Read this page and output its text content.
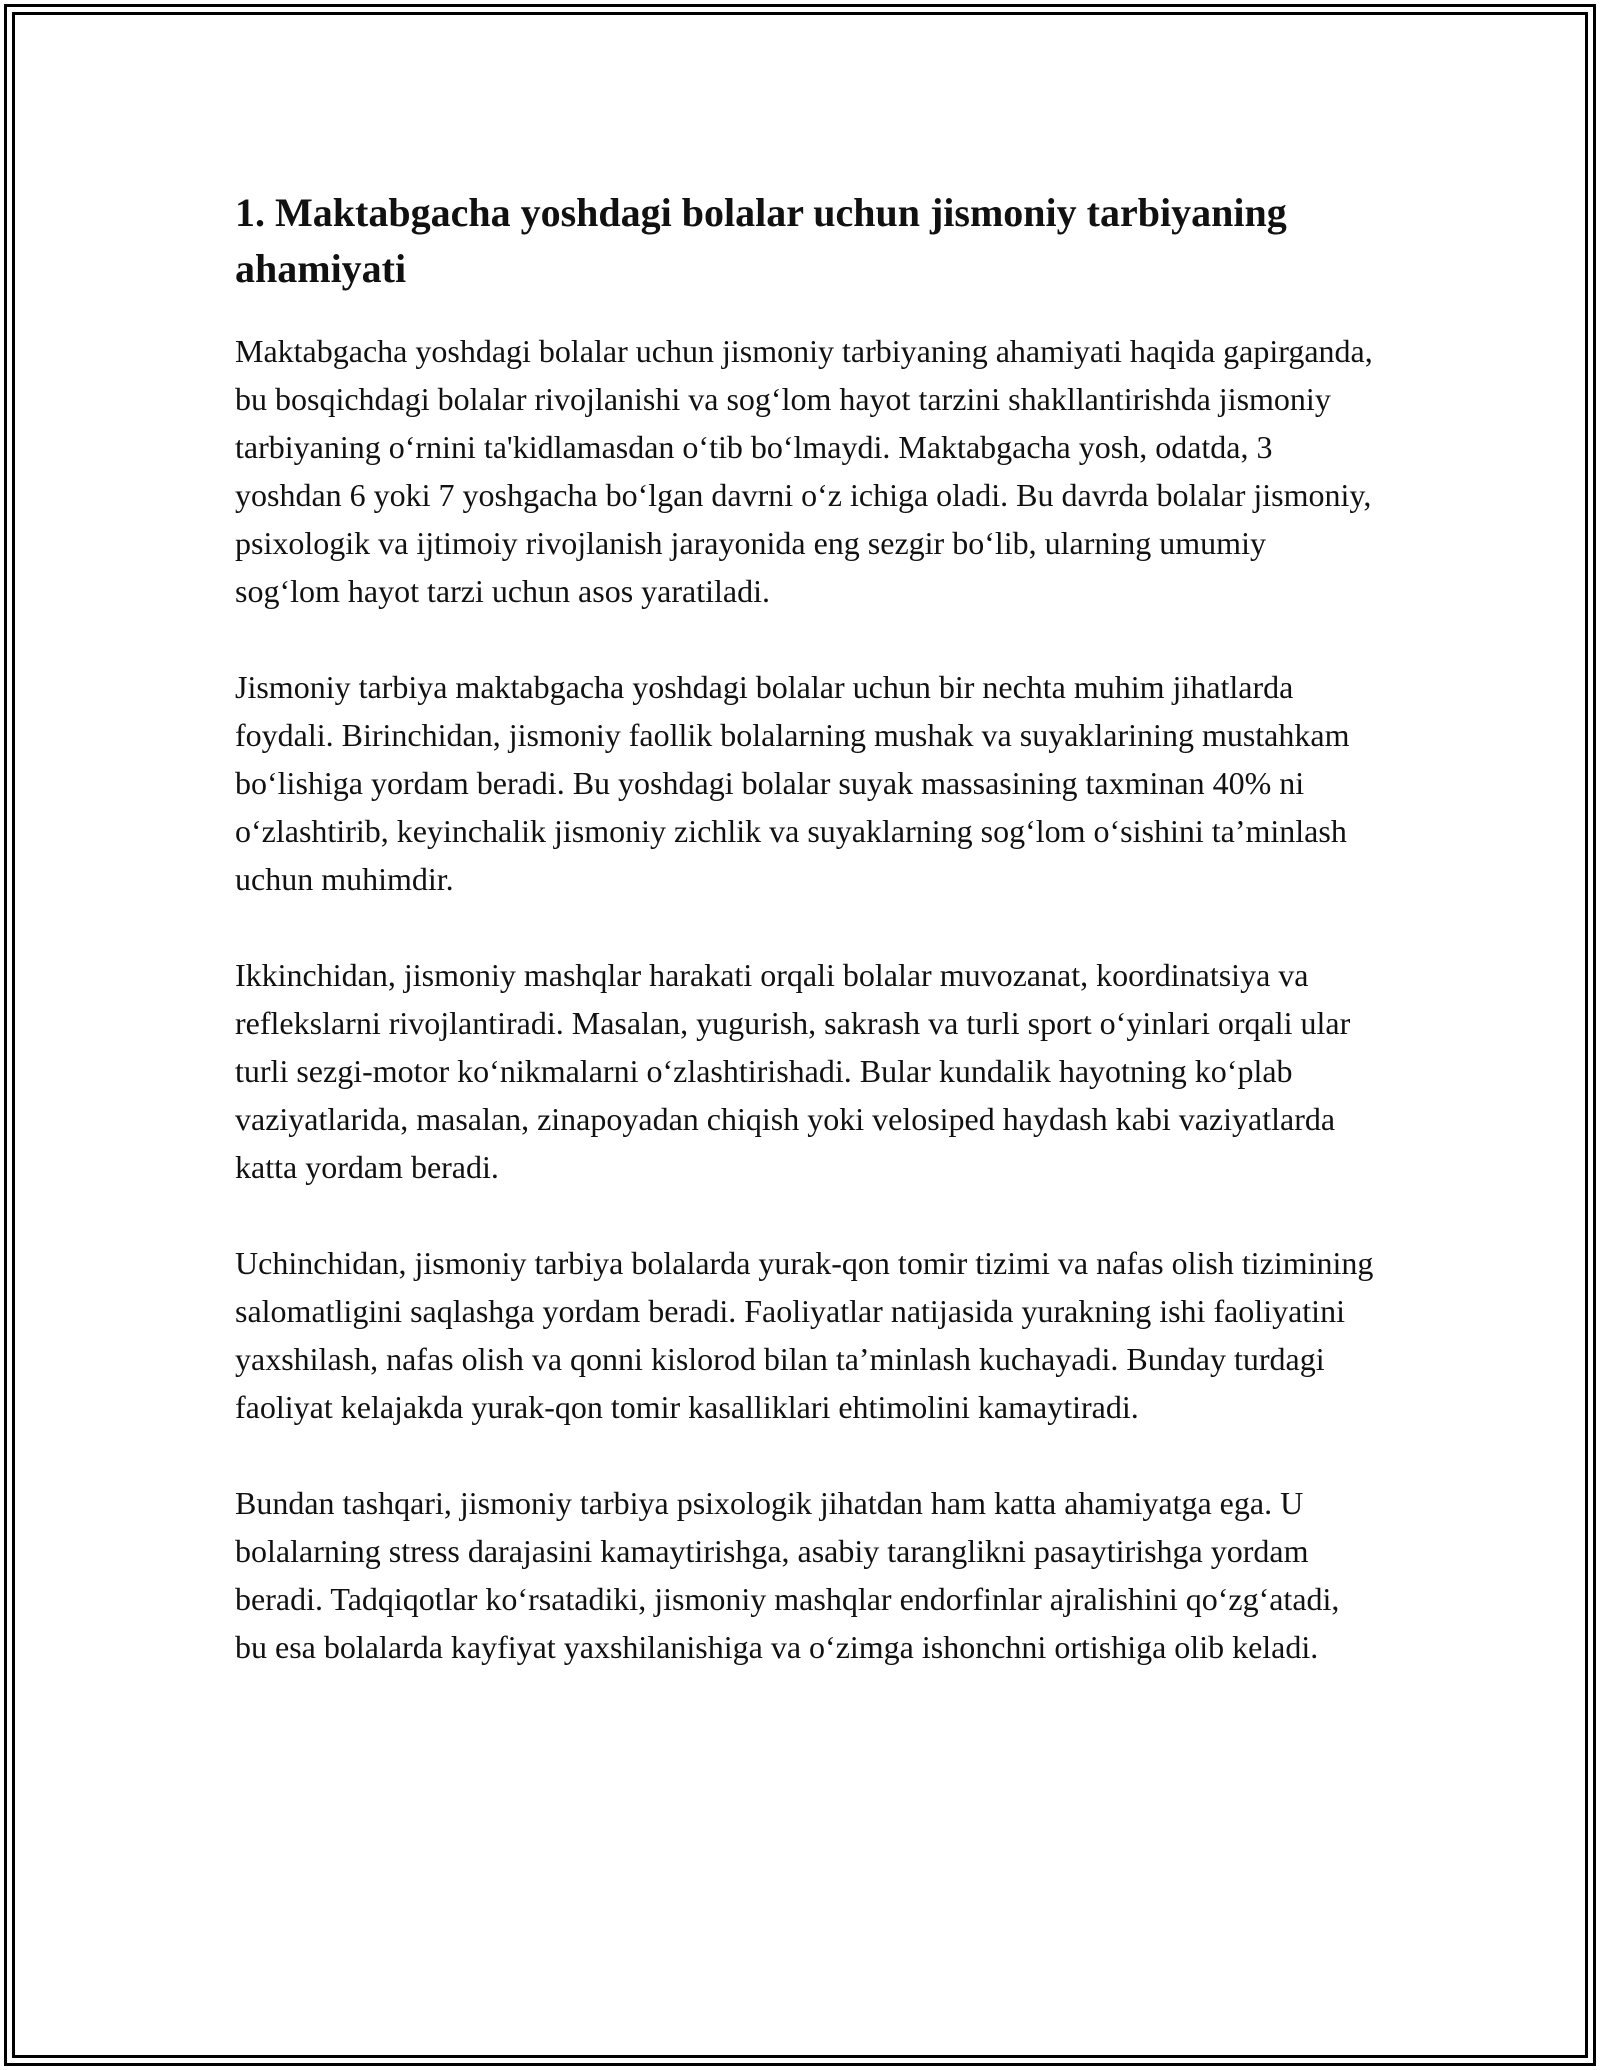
1. Maktabgacha yoshdagi bolalar uchun jismoniy tarbiyaning ahamiyati

Maktabgacha yoshdagi bolalar uchun jismoniy tarbiyaning ahamiyati haqida gapirganda, bu bosqichdagi bolalar rivojlanishi va sog‘lom hayot tarzini shakllantirishda jismoniy tarbiyaning o‘rnini ta'kidlamasdan o‘tib bo‘lmaydi. Maktabgacha yosh, odatda, 3 yoshdan 6 yoki 7 yoshgacha bo‘lgan davrni o‘z ichiga oladi. Bu davrda bolalar jismoniy, psixologik va ijtimoiy rivojlanish jarayonida eng sezgir bo‘lib, ularning umumiy sog‘lom hayot tarzi uchun asos yaratiladi.

Jismoniy tarbiya maktabgacha yoshdagi bolalar uchun bir nechta muhim jihatlarda foydali. Birinchidan, jismoniy faollik bolalarning mushak va suyaklarining mustahkam bo‘lishiga yordam beradi. Bu yoshdagi bolalar suyak massasining taxminan 40% ni o‘zlashtirib, keyinchalik jismoniy zichlik va suyaklarning sog‘lom o‘sishini ta’minlash uchun muhimdir.

Ikkinchidan, jismoniy mashqlar harakati orqali bolalar muvozanat, koordinatsiya va reflekslarni rivojlantiradi. Masalan, yugurish, sakrash va turli sport o‘yinlari orqali ular turli sezgi-motor ko‘nikmalarni o‘zlashtirishadi. Bular kundalik hayotning ko‘plab vaziyatlarida, masalan, zinapoyadan chiqish yoki velosiped haydash kabi vaziyatlarda katta yordam beradi.

Uchinchidan, jismoniy tarbiya bolalarda yurak-qon tomir tizimi va nafas olish tizimining salomatligini saqlashga yordam beradi. Faoliyatlar natijasida yurakning ishi faoliyatini yaxshilash, nafas olish va qonni kislorod bilan ta’minlash kuchayadi. Bunday turdagi faoliyat kelajakda yurak-qon tomir kasalliklari ehtimolini kamaytiradi.

Bundan tashqari, jismoniy tarbiya psixologik jihatdan ham katta ahamiyatga ega. U bolalarning stress darajasini kamaytirishga, asabiy taranglikni pasaytirishga yordam beradi. Tadqiqotlar ko‘rsatadiki, jismoniy mashqlar endorfinlar ajralishini qo‘zg‘atadi, bu esa bolalarda kayfiyat yaxshilanishiga va o‘zimga ishonchni ortishiga olib keladi.
